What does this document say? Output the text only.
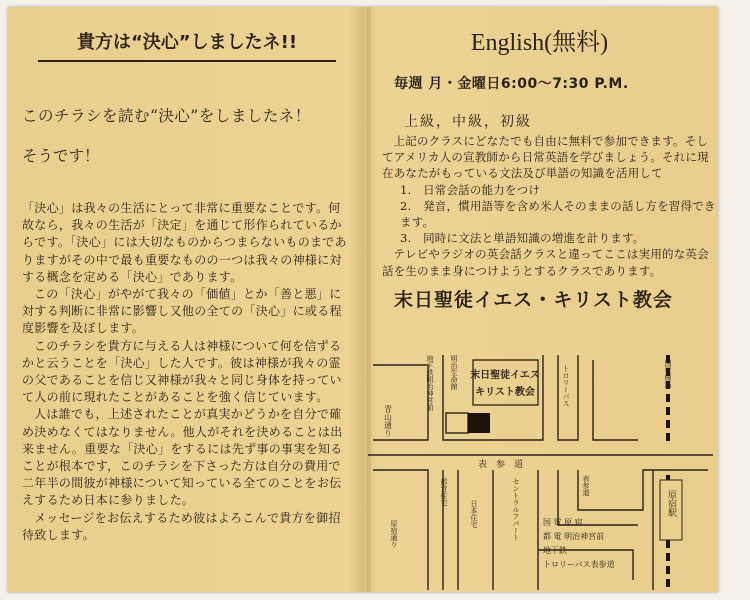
貴方は“決心”しましたネ!!
このチラシを読む“決心”をしましたネ！
そうです！

「決心」は我々の生活にとって非常に重要なことです。何故なら，我々の生活が「決定」を通じて形作られているからです。「決心」には大切なものからつまらないものまでありますがその中で最も重要なものの一つは我々の神様に対する概念を定める「決心」であります。

この「決心」がやがて我々の「価値」とか「善と悪」に対する判断に非常に影響し又他の全ての「決心」に或る程度影響を及ぼします。

このチラシを貴方に与える人は神様について何を信ずるかと云うことを「決心」した人です。彼は神様が我々の霊の父であることを信じ又神様が我々と同じ身体を持っていて人の前に現れたことがあることを強く信じています。

人は誰でも，上述されたことが真実かどうかを自分で確め決めなくてはなりません。他人がそれを決めることは出来ません。重要な「決心」をするには先ず事の事実を知ることが根本です，このチラシを下さった方は自分の費用で二年半の間彼が神様について知っている全てのことをお伝えするため日本に参りました。

メッセージをお伝えするため彼はよろこんで貴方を御招待致します。

English(無料)
毎週 月・金曜日6:00～7:30 P.M.
上級，中級，初級

上記のクラスにどなたでも自由に無料で参加できます。そしてアメリカ人の宣教師から日常英語を学びましょう。それに現在あなたがもっている文法及び単語の知識を活用して

1.　日常会話の能力をつけ
2.　発音，慣用語等を含め米人そのままの話し方を習得できます。
3.　同時に文法と単語知識の増進を計ります。

テレビやラジオの英会話クラスと違ってここは実用的な英会話を生のまま身につけようとするクラスであります。

末日聖徒イエス・キリスト教会
末日聖徒イエス
キリスト教会
青山通り
地下鉄明治神宮前 明治生命館	トロリーバス
表参道
表　参　道
都営住宅	セントラルアパート
日本住宅
原宿通り
国電線路
原宿駅
国 電 原 宿
都 電 明治神宮前
地下鉄
トロリーバス表参道
